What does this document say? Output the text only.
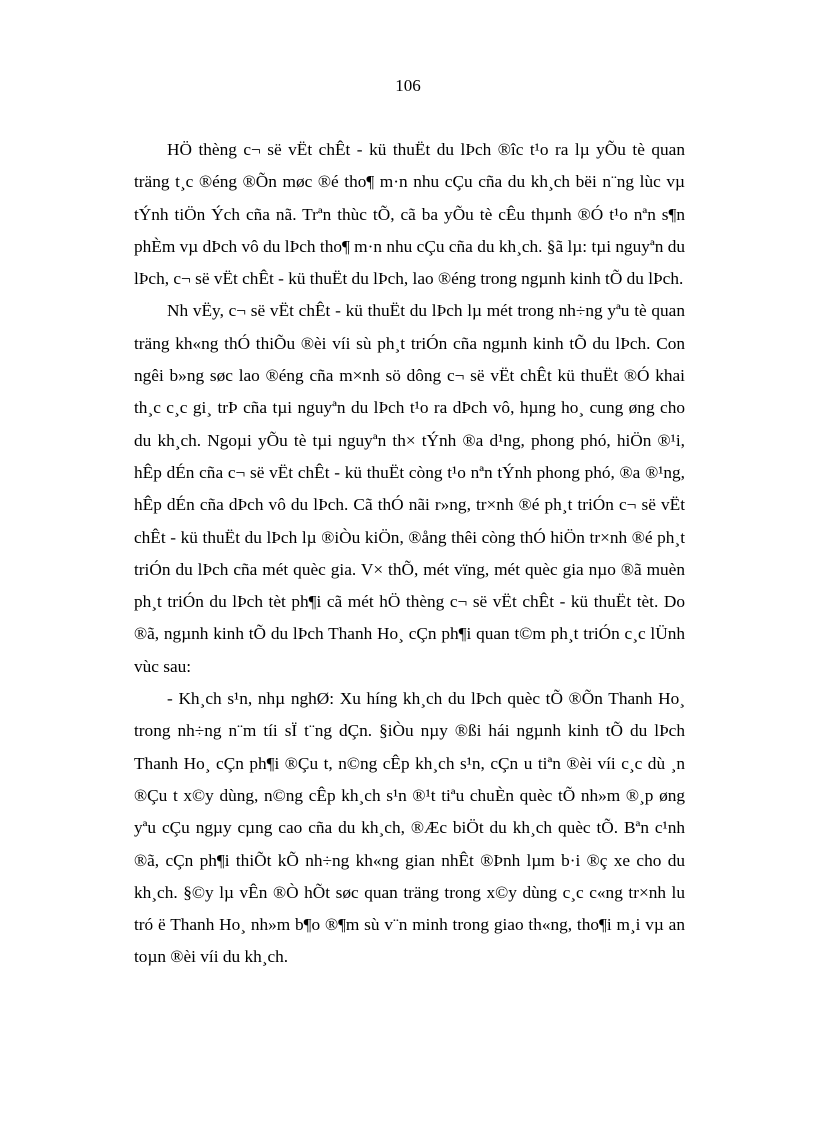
106

HÖ thèng c¬ së vËt chÊt - kü thuËt du lÞch ®îc t¹o ra lµ yÕu tè quan träng t¸c ®éng ®Õn møc ®é tho¶ m·n nhu cÇu cña du kh¸ch bëi n¨ng lùc vµ tÝnh tiÖn Ých cña nã. Trªn thùc tÕ, cã ba yÕu tè cÊu thµnh ®Ó t¹o nªn s¶n phÈm vµ dÞch vô du lÞch tho¶ m·n nhu cÇu cña du kh¸ch. §ã lµ: tµi nguyªn du lÞch, c¬ së vËt chÊt - kü thuËt du lÞch, lao ®éng trong ngµnh kinh tÕ du lÞch.

Nh vËy, c¬ së vËt chÊt - kü thuËt du lÞch lµ mét trong nh÷ng yªu tè quan träng kh«ng thÓ thiÕu ®èi víi sù ph¸t triÓn cña ngµnh kinh tÕ du lÞch. Con ngêi b»ng søc lao ®éng cña m×nh sö dông c¬ së vËt chÊt kü thuËt ®Ó khai th¸c c¸c gi¸ trÞ cña tµi nguyªn du lÞch t¹o ra dÞch vô, hµng ho¸ cung øng cho du kh¸ch. Ngoµi yÕu tè tµi nguyªn th× tÝnh ®a d¹ng, phong phó, hiÖn ®¹i, hÊp dÉn cña c¬ së vËt chÊt - kü thuËt còng t¹o nªn tÝnh phong phó, ®a ®¹ng, hÊp dÉn cña dÞch vô du lÞch. Cã thÓ nãi r»ng, tr×nh ®é ph¸t triÓn c¬ së vËt chÊt - kü thuËt du lÞch lµ ®iÒu kiÖn, ®ång thêi còng thÓ hiÖn tr×nh ®é ph¸t triÓn du lÞch cña mét quèc gia. V× thÕ, mét vïng, mét quèc gia nµo ®ã muèn ph¸t triÓn du lÞch tèt ph¶i cã mét hÖ thèng c¬ së vËt chÊt - kü thuËt tèt. Do ®ã, ngµnh kinh tÕ du lÞch Thanh Ho¸ cÇn ph¶i quan t©m ph¸t triÓn c¸c lÜnh vùc sau:

- Kh¸ch s¹n, nhµ nghØ: Xu híng kh¸ch du lÞch quèc tÕ ®Õn Thanh Ho¸ trong nh÷ng n¨m tíi sÏ t¨ng dÇn. §iÒu nµy ®ßi hái ngµnh kinh tÕ du lÞch Thanh Ho¸ cÇn ph¶i ®Çu t, n©ng cÊp kh¸ch s¹n, cÇn u tiªn ®èi víi c¸c dù ¸n ®Çu t x©y dùng, n©ng cÊp kh¸ch s¹n ®¹t tiªu chuÈn quèc tÕ nh»m ®¸p øng yªu cÇu ngµy cµng cao cña du kh¸ch, ®Æc biÖt du kh¸ch quèc tÕ. Bªn c¹nh ®ã, cÇn ph¶i thiÕt kÕ nh÷ng kh«ng gian nhÊt ®Þnh lµm b·i ®ç xe cho du kh¸ch. §©y lµ vÊn ®Ò hÕt søc quan träng trong x©y dùng c¸c c«ng tr×nh lu tró ë Thanh Ho¸ nh»m b¶o ®¶m sù v¨n minh trong giao th«ng, tho¶i m¸i vµ an toµn ®èi víi du kh¸ch.
